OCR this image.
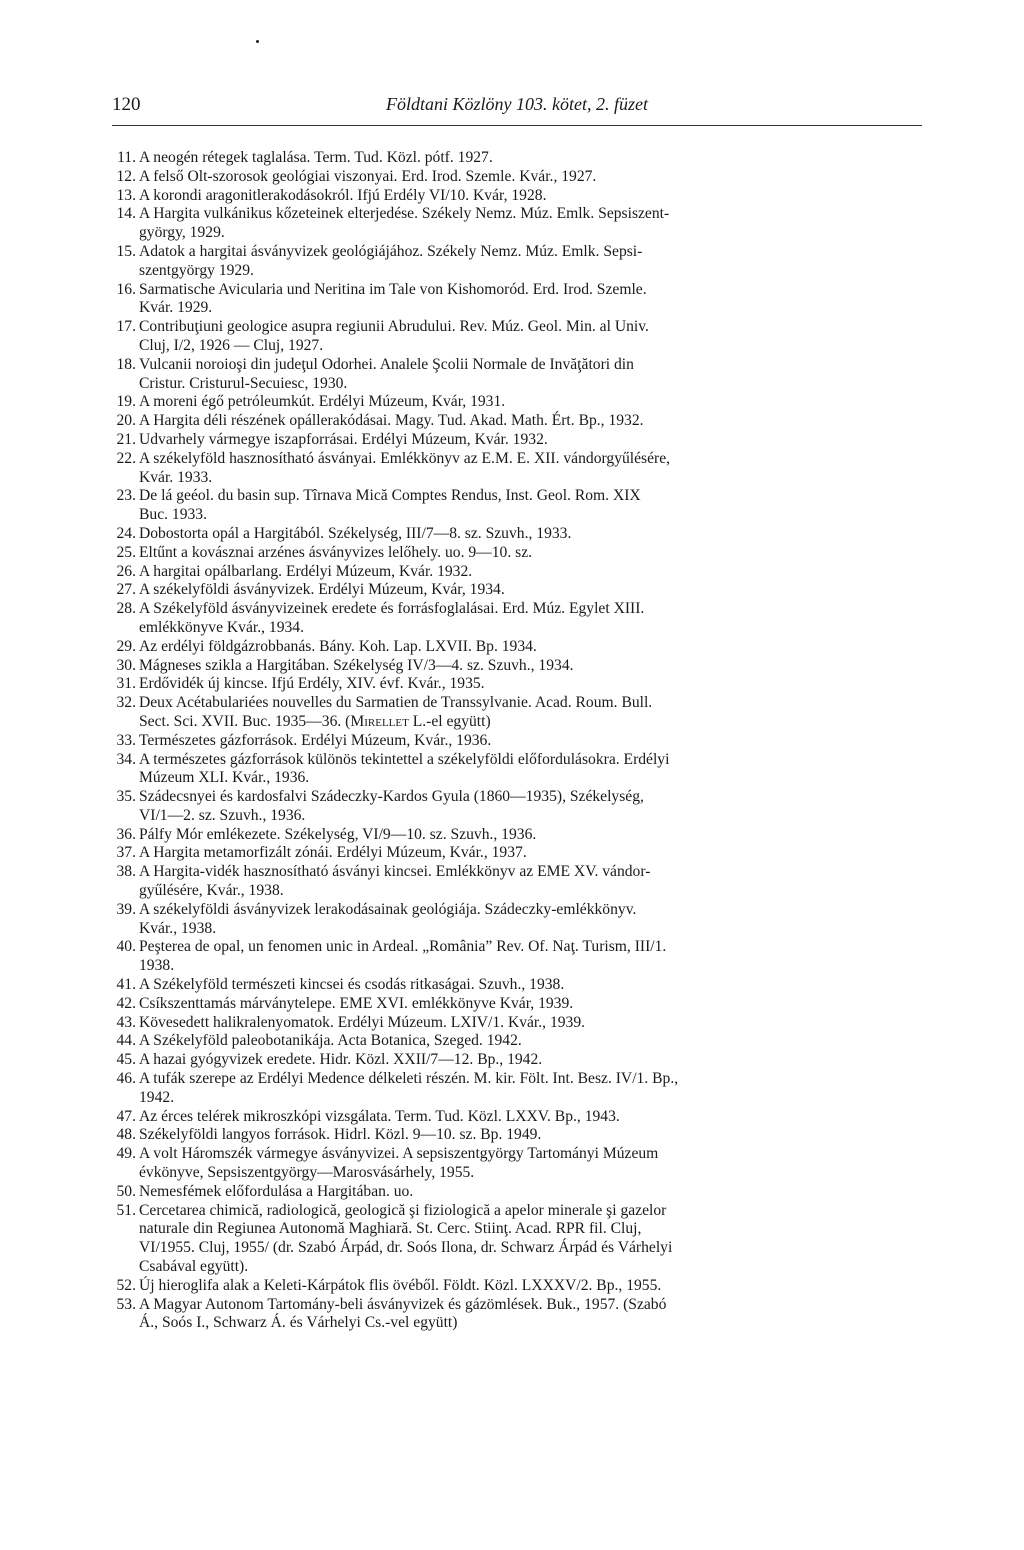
120	Földtani Közlöny 103. kötet, 2. füzet
11. A neogén rétegek taglalása. Term. Tud. Közl. pótf. 1927.
12. A felső Olt-szorosok geológiai viszonyai. Erd. Irod. Szemle. Kvár., 1927.
13. A korondi aragonitlerakodásokról. Ifjú Erdély VI/10. Kvár, 1928.
14. A Hargita vulkánikus kőzeteinek elterjedése. Székely Nemz. Múz. Emlk. Sepsiszent-
györgy, 1929.
15. Adatok a hargitai ásványvizek geológiájához. Székely Nemz. Múz. Emlk. Sepsi-
szentgyörgy 1929.
16. Sarmatische Avicularia und Neritina im Tale von Kishomoród. Erd. Irod. Szemle.
Kvár. 1929.
17. Contribuţiuni geologice asupra regiunii Abrudului. Rev. Múz. Geol. Min. al Univ.
Cluj, I/2, 1926 — Cluj, 1927.
18. Vulcanii noroioşi din judeţul Odorhei. Analele Şcolii Normale de Invăţători din
Cristur. Cristurul-Secuiesc, 1930.
19. A moreni égő petróleumkút. Erdélyi Múzeum, Kvár, 1931.
20. A Hargita déli részének opállerakódásai. Magy. Tud. Akad. Math. Ért. Bp., 1932.
21. Udvarhely vármegye iszapforrásai. Erdélyi Múzeum, Kvár. 1932.
22. A székelyföld hasznosítható ásványai. Emlékkönyv az E.M. E. XII. vándorgyűlésére,
Kvár. 1933.
23. De lá geéol. du basin sup. Tîrnava Mică Comptes Rendus, Inst. Geol. Rom. XIX
Buc. 1933.
24. Dobostorta opál a Hargitából. Székelység, III/7—8. sz. Szuvh., 1933.
25. Eltűnt a kovásznai arzénes ásványvizes lelőhely. uo. 9—10. sz.
26. A hargitai opálbarlang. Erdélyi Múzeum, Kvár. 1932.
27. A székelyföldi ásványvizek. Erdélyi Múzeum, Kvár, 1934.
28. A Székelyföld ásványvizeinek eredete és forrásfoglalásai. Erd. Múz. Egylet XIII.
emlékkönyve Kvár., 1934.
29. Az erdélyi földgázrobbanás. Bány. Koh. Lap. LXVII. Bp. 1934.
30. Mágneses szikla a Hargitában. Székelység IV/3—4. sz. Szuvh., 1934.
31. Erdővidék új kincse. Ifjú Erdély, XIV. évf. Kvár., 1935.
32. Deux Acétabulariées nouvelles du Sarmatien de Transsylvanie. Acad. Roum. Bull.
Sect. Sci. XVII. Buc. 1935—36. (Mirellet L.-el együtt)
33. Természetes gázforrások. Erdélyi Múzeum, Kvár., 1936.
34. A természetes gázforrások különös tekintettel a székelyföldi előfordulásokra. Erdélyi
Múzeum XLI. Kvár., 1936.
35. Szádecsnyei és kardosfalvi Szádeczky-Kardos Gyula (1860—1935), Székelység,
VI/1—2. sz. Szuvh., 1936.
36. Pálfy Mór emlékezete. Székelység, VI/9—10. sz. Szuvh., 1936.
37. A Hargita metamorfizált zónái. Erdélyi Múzeum, Kvár., 1937.
38. A Hargita-vidék hasznosítható ásványi kincsei. Emlékkönyv az EME XV. vándor-
gyűlésére, Kvár., 1938.
39. A székelyföldi ásványvizek lerakodásainak geológiája. Szádeczky-emlékkönyv.
Kvár., 1938.
40. Peşterea de opal, un fenomen unic in Ardeal. „România” Rev. Of. Naţ. Turism, III/1.
1938.
41. A Székelyföld természeti kincsei és csodás ritkaságai. Szuvh., 1938.
42. Csíkszenttamás márványtelepe. EME XVI. emlékkönyve Kvár, 1939.
43. Kövesedett halikralenyomatok. Erdélyi Múzeum. LXIV/1. Kvár., 1939.
44. A Székelyföld paleobotanikája. Acta Botanica, Szeged. 1942.
45. A hazai gyógyvizek eredete. Hidr. Közl. XXII/7—12. Bp., 1942.
46. A tufák szerepe az Erdélyi Medence délkeleti részén. M. kir. Fölt. Int. Besz. IV/1. Bp.,
1942.
47. Az érces telérek mikroszkópi vizsgálata. Term. Tud. Közl. LXXV. Bp., 1943.
48. Székelyföldi langyos források. Hidrl. Közl. 9—10. sz. Bp. 1949.
49. A volt Háromszék vármegye ásványvizei. A sepsiszentgyörgy Tartományi Múzeum
évkönyve, Sepsiszentgyörgy—Marosvásárhely, 1955.
50. Nemesfémek előfordulása a Hargitában. uo.
51. Cercetarea chimică, radiologică, geologică şi fiziologică a apelor minerale şi gazelor
naturale din Regiunea Autonomă Maghiară. St. Cerc. Stiinţ. Acad. RPR fil. Cluj,
VI/1955. Cluj, 1955/ (dr. Szabó Árpád, dr. Soós Ilona, dr. Schwarz Árpád és Várhelyi
Csabával együtt).
52. Új hieroglifa alak a Keleti-Kárpátok flis övéből. Földt. Közl. LXXXV/2. Bp., 1955.
53. A Magyar Autonom Tartomány-beli ásványvizek és gázömlések. Buk., 1957. (Szabó
Á., Soós I., Schwarz Á. és Várhelyi Cs.-vel együtt)
